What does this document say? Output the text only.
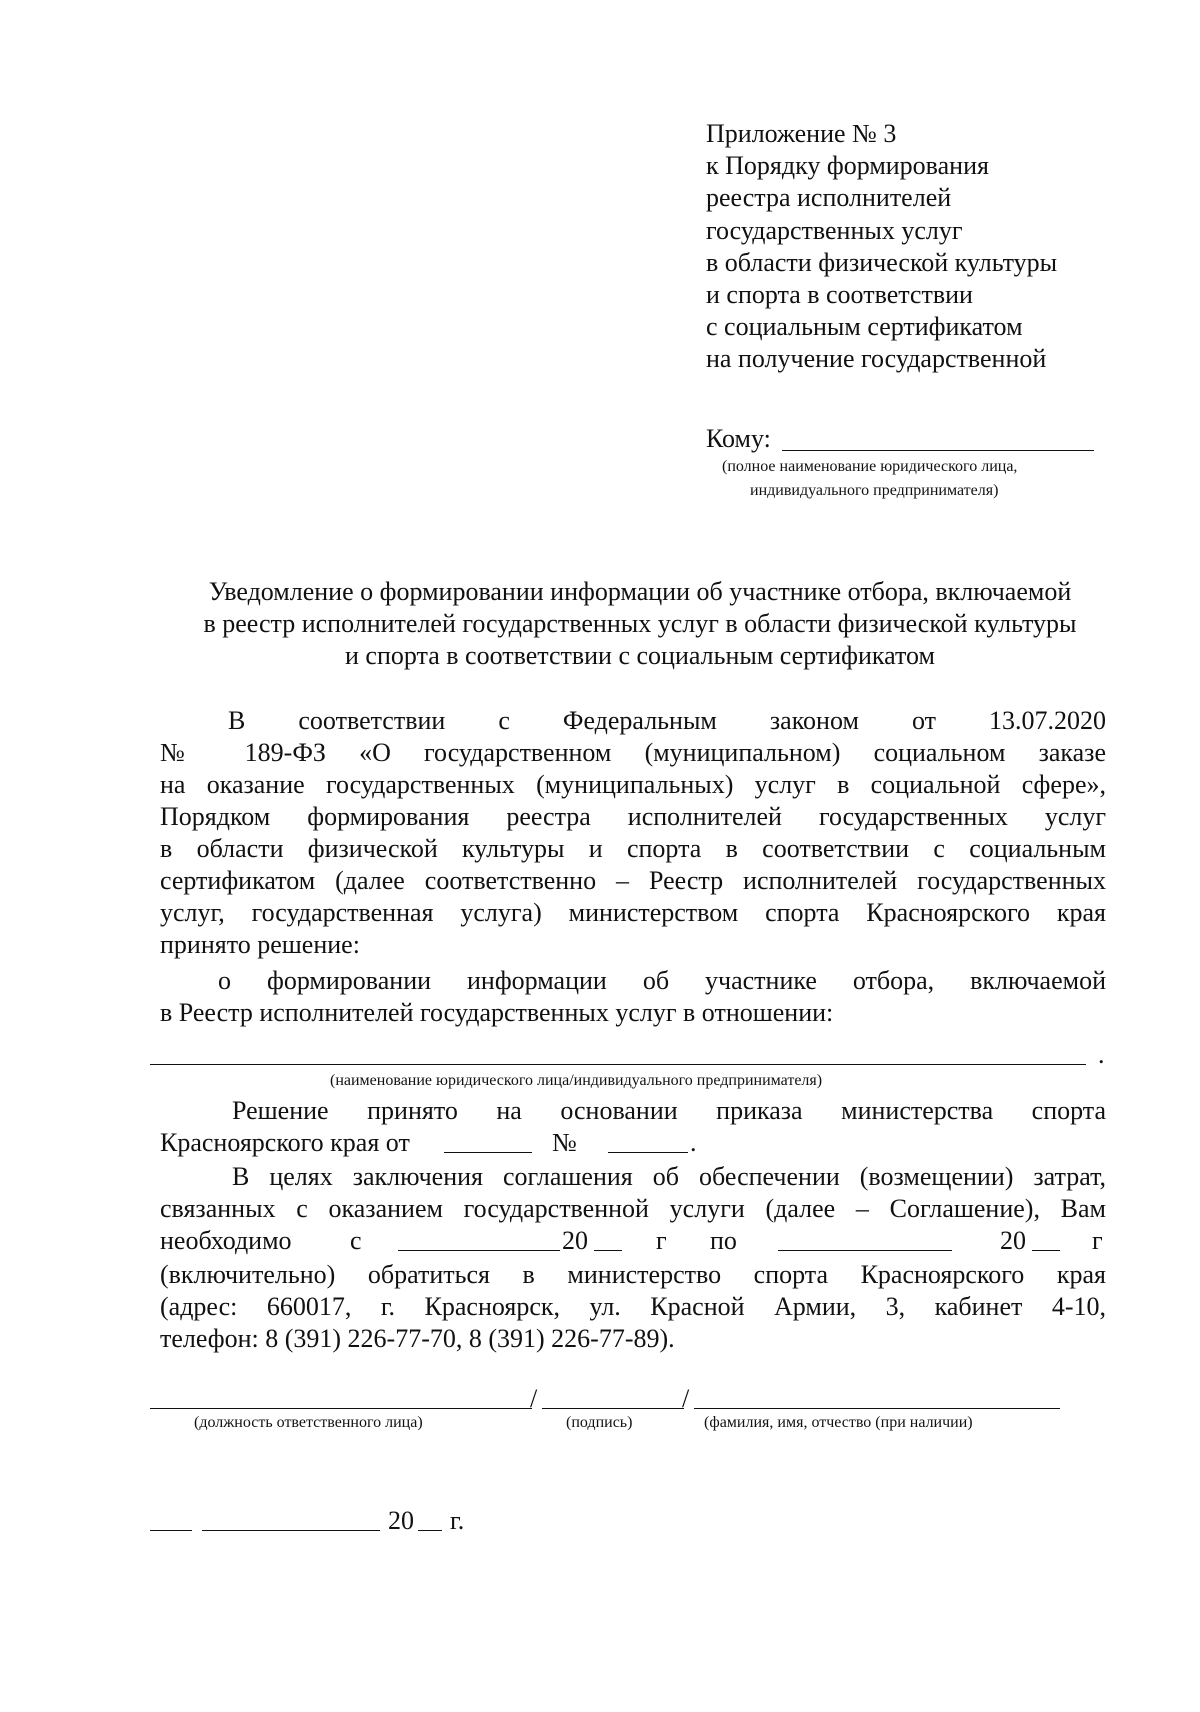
Приложение № 3
к Порядку формирования
реестра исполнителей
государственных услуг
в области физической культуры
и спорта в соответствии
с социальным сертификатом
на получение государственной
Кому:
(полное наименование юридического лица,
индивидуального предпринимателя)
Уведомление о формировании информации об участнике отбора, включаемой
в реестр исполнителей государственных услуг в области физической культуры
и спорта в соответствии с социальным сертификатом
В соответствии с Федеральным законом от 13.07.2020
№ 189-ФЗ «О государственном (муниципальном) социальном заказе
на оказание государственных (муниципальных) услуг в социальной сфере»,
Порядком формирования реестра исполнителей государственных услуг
в области физической культуры и спорта в соответствии с социальным
сертификатом (далее соответственно – Реестр исполнителей государственных
услуг, государственная услуга) министерством спорта Красноярского края
принято решение:
о формировании информации об участнике отбора, включаемой
в Реестр исполнителей государственных услуг в отношении:
.
(наименование юридического лица/индивидуального предпринимателя)
Решение принято на основании приказа министерства спорта
Красноярского края от	№	.
В целях заключения соглашения об обеспечении (возмещении) затрат,
связанных с оказанием государственной услуги (далее – Соглашение), Вам
необходимо с	20	г по	20	г
(включительно) обратиться в министерство спорта Красноярского края
(адрес: 660017, г. Красноярск, ул. Красной Армии, 3, кабинет 4-10,
телефон: 8 (391) 226-77-70, 8 (391) 226-77-89).
/	/
(должность ответственного лица)	(подпись)	(фамилия, имя, отчество (при наличии)
20 г.
